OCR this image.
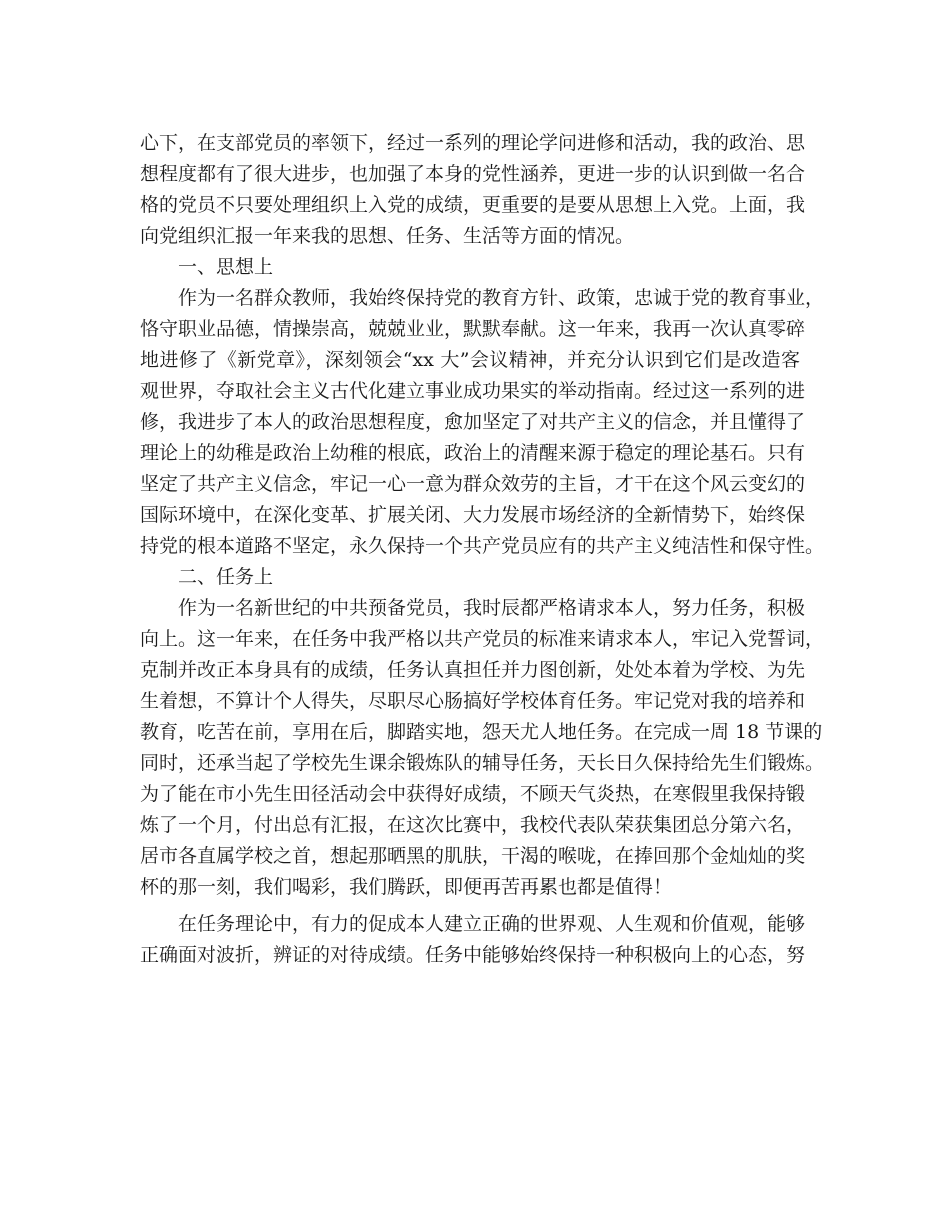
心下，在支部党员的率领下，经过一系列的理论学问进修和活动，我的政治、思
想程度都有了很大进步，也加强了本身的党性涵养，更进一步的认识到做一名合
格的党员不只要处理组织上入党的成绩，更重要的是要从思想上入党。上面，我
向党组织汇报一年来我的思想、任务、生活等方面的情况。
一、思想上
作为一名群众教师，我始终保持党的教育方针、政策，忠诚于党的教育事业，
恪守职业品德，情操崇高，兢兢业业，默默奉献。这一年来，我再一次认真零碎
地进修了《新党章》，深刻领会“xx 大”会议精神，并充分认识到它们是改造客
观世界，夺取社会主义古代化建立事业成功果实的举动指南。经过这一系列的进
修，我进步了本人的政治思想程度，愈加坚定了对共产主义的信念，并且懂得了
理论上的幼稚是政治上幼稚的根底，政治上的清醒来源于稳定的理论基石。只有
坚定了共产主义信念，牢记一心一意为群众效劳的主旨，才干在这个风云变幻的
国际环境中，在深化变革、扩展关闭、大力发展市场经济的全新情势下，始终保
持党的根本道路不坚定，永久保持一个共产党员应有的共产主义纯洁性和保守性。
二、任务上
作为一名新世纪的中共预备党员，我时辰都严格请求本人，努力任务，积极
向上。这一年来，在任务中我严格以共产党员的标准来请求本人，牢记入党誓词，
克制并改正本身具有的成绩，任务认真担任并力图创新，处处本着为学校、为先
生着想，不算计个人得失，尽职尽心肠搞好学校体育任务。牢记党对我的培养和
教育，吃苦在前，享用在后，脚踏实地，怨天尤人地任务。在完成一周 18 节课的
同时，还承当起了学校先生课余锻炼队的辅导任务，天长日久保持给先生们锻炼。
为了能在市小先生田径活动会中获得好成绩，不顾天气炎热，在寒假里我保持锻
炼了一个月，付出总有汇报，在这次比赛中，我校代表队荣获集团总分第六名，
居市各直属学校之首，想起那晒黑的肌肤，干渴的喉咙，在捧回那个金灿灿的奖
杯的那一刻，我们喝彩，我们腾跃，即便再苦再累也都是值得！
在任务理论中，有力的促成本人建立正确的世界观、人生观和价值观，能够
正确面对波折，辨证的对待成绩。任务中能够始终保持一种积极向上的心态，努
